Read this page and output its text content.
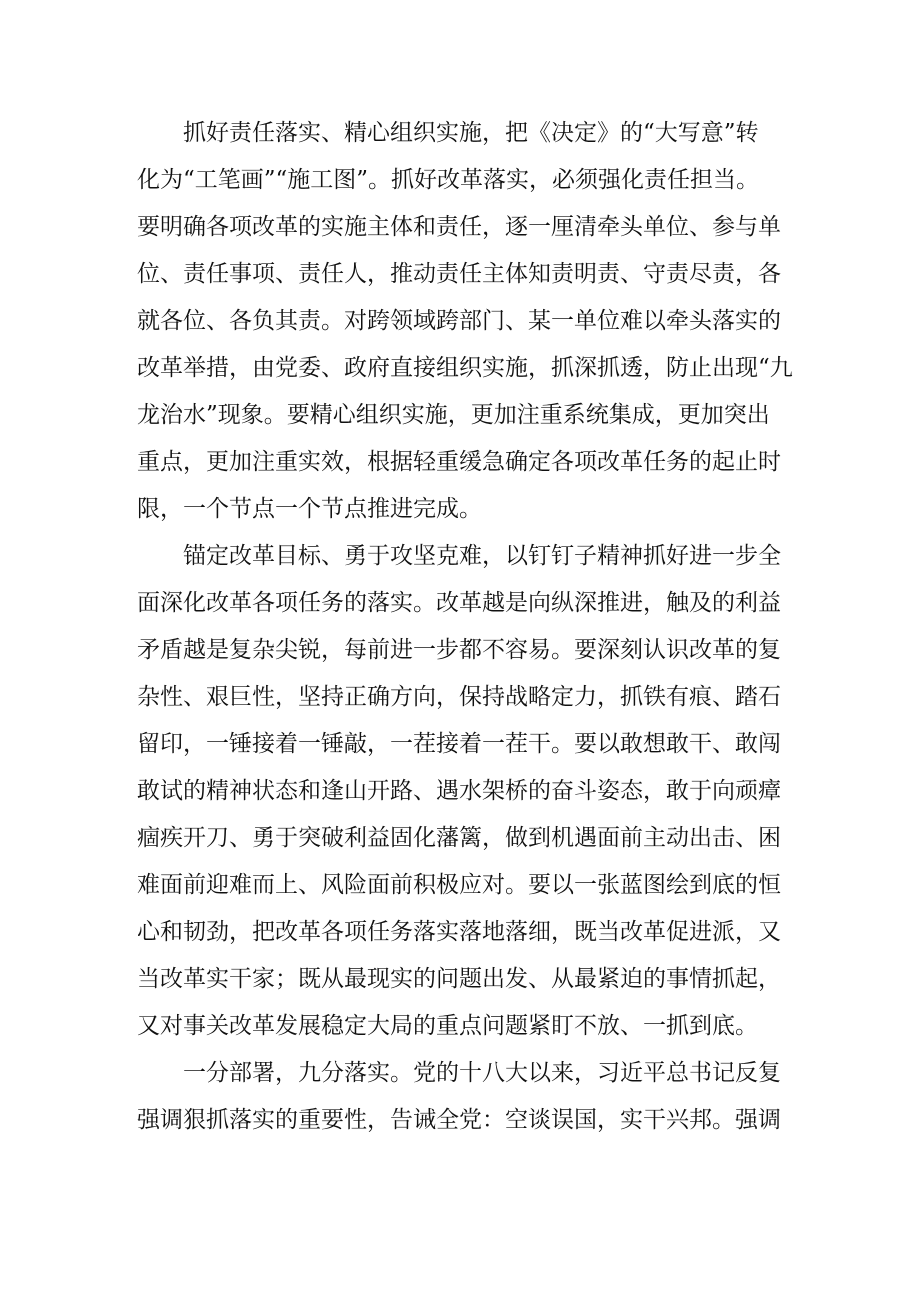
抓好责任落实、精心组织实施，把《决定》的“大写意”转
化为“工笔画”“施工图”。抓好改革落实，必须强化责任担当。
要明确各项改革的实施主体和责任，逐一厘清牵头单位、参与单
位、责任事项、责任人，推动责任主体知责明责、守责尽责，各
就各位、各负其责。对跨领域跨部门、某一单位难以牵头落实的
改革举措，由党委、政府直接组织实施，抓深抓透，防止出现“九
龙治水”现象。要精心组织实施，更加注重系统集成，更加突出
重点，更加注重实效，根据轻重缓急确定各项改革任务的起止时
限，一个节点一个节点推进完成。
锚定改革目标、勇于攻坚克难，以钉钉子精神抓好进一步全
面深化改革各项任务的落实。改革越是向纵深推进，触及的利益
矛盾越是复杂尖锐，每前进一步都不容易。要深刻认识改革的复
杂性、艰巨性，坚持正确方向，保持战略定力，抓铁有痕、踏石
留印，一锤接着一锤敲，一茬接着一茬干。要以敢想敢干、敢闯
敢试的精神状态和逢山开路、遇水架桥的奋斗姿态，敢于向顽瘴
痼疾开刀、勇于突破利益固化藩篱，做到机遇面前主动出击、困
难面前迎难而上、风险面前积极应对。要以一张蓝图绘到底的恒
心和韧劲，把改革各项任务落实落地落细，既当改革促进派，又
当改革实干家；既从最现实的问题出发、从最紧迫的事情抓起，
又对事关改革发展稳定大局的重点问题紧盯不放、一抓到底。
一分部署，九分落实。党的十八大以来，习近平总书记反复
强调狠抓落实的重要性，告诫全党：空谈误国，实干兴邦。强调
